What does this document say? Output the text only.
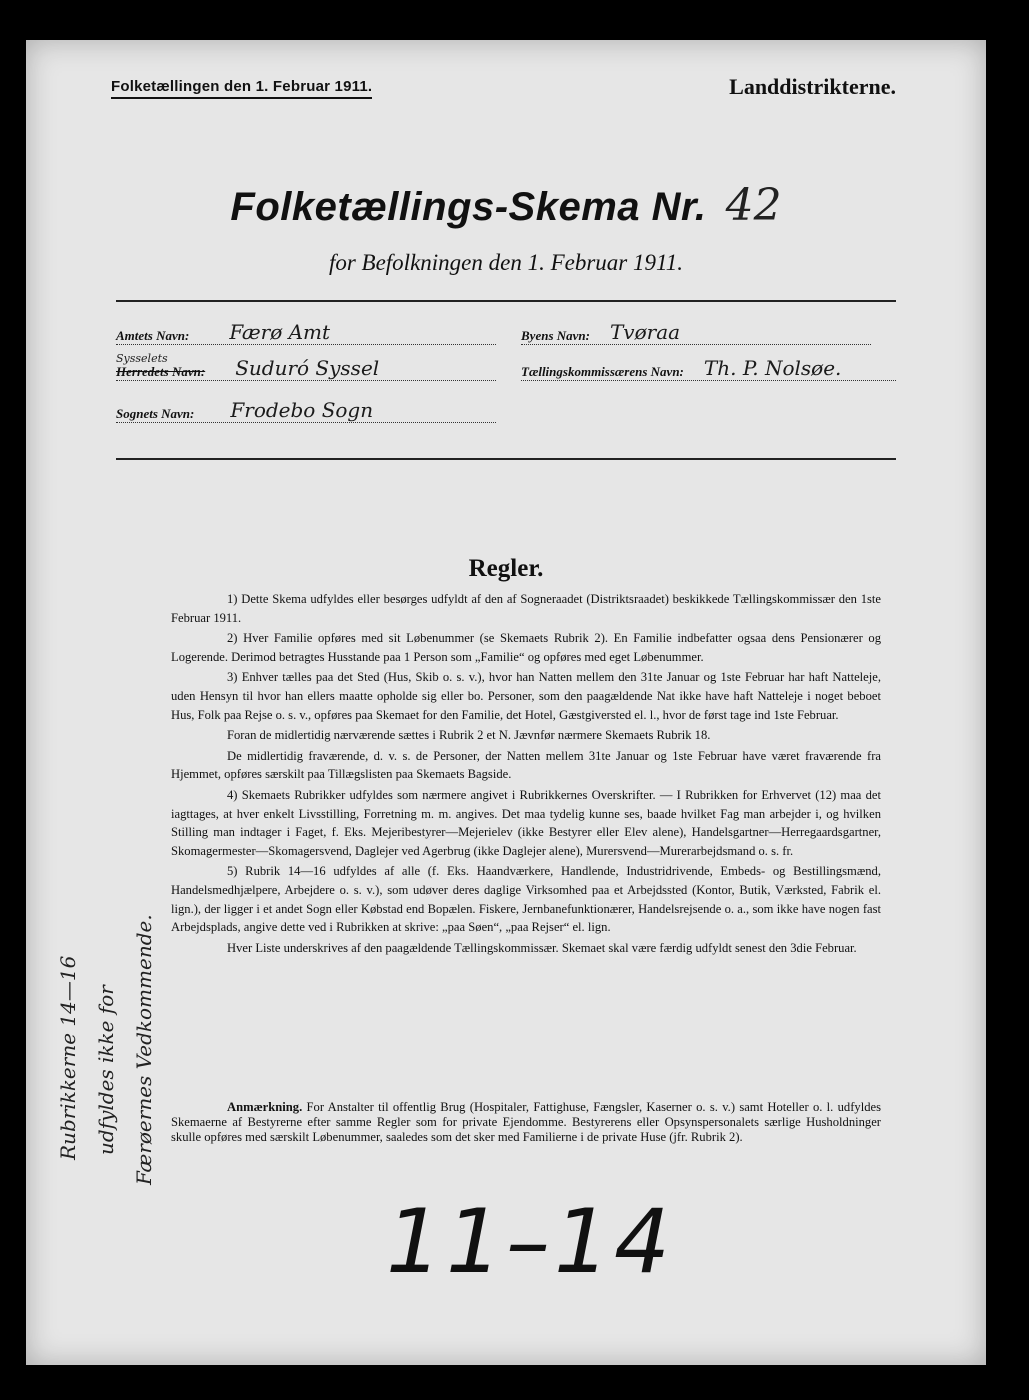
Folketællingen den 1. Februar 1911.	Landdistrikterne.
Folketællings-Skema Nr. 42
for Befolkningen den 1. Februar 1911.
Amtets Navn: Færø Amt
Sysselets
Herredets Navn: Suduró Syssel
Sognets Navn: Frodebo Sogn
Byens Navn: Tvøraa
Tællingskommissærens Navn: Th. P. Nolsøe.
Regler.

1) Dette Skema udfyldes eller besørges udfyldt af den af Sogneraadet (Distriktsraadet) beskikkede Tællingskommissær den 1ste Februar 1911.

2) Hver Familie opføres med sit Løbenummer (se Skemaets Rubrik 2). En Familie indbefatter ogsaa dens Pensionærer og Logerende. Derimod betragtes Husstande paa 1 Person som „Familie“ og opføres med eget Løbenummer.

3) Enhver tælles paa det Sted (Hus, Skib o. s. v.), hvor han Natten mellem den 31te Januar og 1ste Februar har haft Natteleje, uden Hensyn til hvor han ellers maatte opholde sig eller bo. Personer, som den paagældende Nat ikke have haft Natteleje i noget beboet Hus, Folk paa Rejse o. s. v., opføres paa Skemaet for den Familie, det Hotel, Gæstgiversted el. l., hvor de først tage ind 1ste Februar.

Foran de midlertidig nærværende sættes i Rubrik 2 et N. Jævnfør nærmere Skemaets Rubrik 18.

De midlertidig fraværende, d. v. s. de Personer, der Natten mellem 31te Januar og 1ste Februar have været fraværende fra Hjemmet, opføres særskilt paa Tillægslisten paa Skemaets Bagside.

4) Skemaets Rubrikker udfyldes som nærmere angivet i Rubrikkernes Overskrifter. — I Rubrikken for Erhvervet (12) maa det iagttages, at hver enkelt Livsstilling, Forretning m. m. angives. Det maa tydelig kunne ses, baade hvilket Fag man arbejder i, og hvilken Stilling man indtager i Faget, f. Eks. Mejeribestyrer—Mejerielev (ikke Bestyrer eller Elev alene), Handelsgartner—Herregaardsgartner, Skomagermester—Skomagersvend, Daglejer ved Agerbrug (ikke Daglejer alene), Murersvend—Murerarbejdsmand o. s. fr.

5) Rubrik 14—16 udfyldes af alle (f. Eks. Haandværkere, Handlende, Industridrivende, Embeds- og Bestillingsmænd, Handelsmedhjælpere, Arbejdere o. s. v.), som udøver deres daglige Virksomhed paa et Arbejdssted (Kontor, Butik, Værksted, Fabrik el. lign.), der ligger i et andet Sogn eller Købstad end Bopælen. Fiskere, Jernbanefunktionærer, Handelsrejsende o. a., som ikke have nogen fast Arbejdsplads, angive dette ved i Rubrikken at skrive: „paa Søen“, „paa Rejser“ el. lign.

Hver Liste underskrives af den paagældende Tællingskommissær. Skemaet skal være færdig udfyldt senest den 3die Februar.

Anmærkning. For Anstalter til offentlig Brug (Hospitaler, Fattighuse, Fængsler, Kaserner o. s. v.) samt Hoteller o. l. udfyldes Skemaerne af Bestyrerne efter samme Regler som for private Ejendomme. Bestyrerens eller Opsynspersonalets særlige Husholdninger skulle opføres med særskilt Løbenummer, saaledes som det sker med Familierne i de private Huse (jfr. Rubrik 2).

Rubrikkerne 14—16 udfyldes ikke for Færøernes Vedkommende.
11–14
